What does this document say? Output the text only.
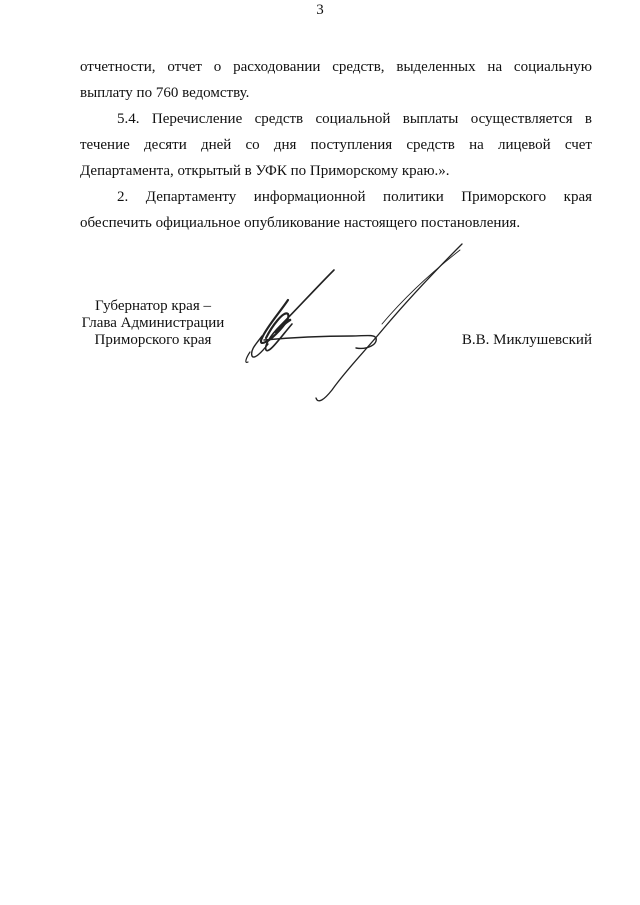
3

отчетности, отчет о расходовании средств, выделенных на социальную выплату по 760 ведомству.

5.4. Перечисление средств социальной выплаты осуществляется в течение десяти дней со дня поступления средств на лицевой счет Департамента, открытый в УФК по Приморскому краю.».

2. Департаменту информационной политики Приморского края обеспечить официальное опубликование настоящего постановления.

Губернатор края –
Глава Администрации
Приморского края	В.В. Миклушевский
